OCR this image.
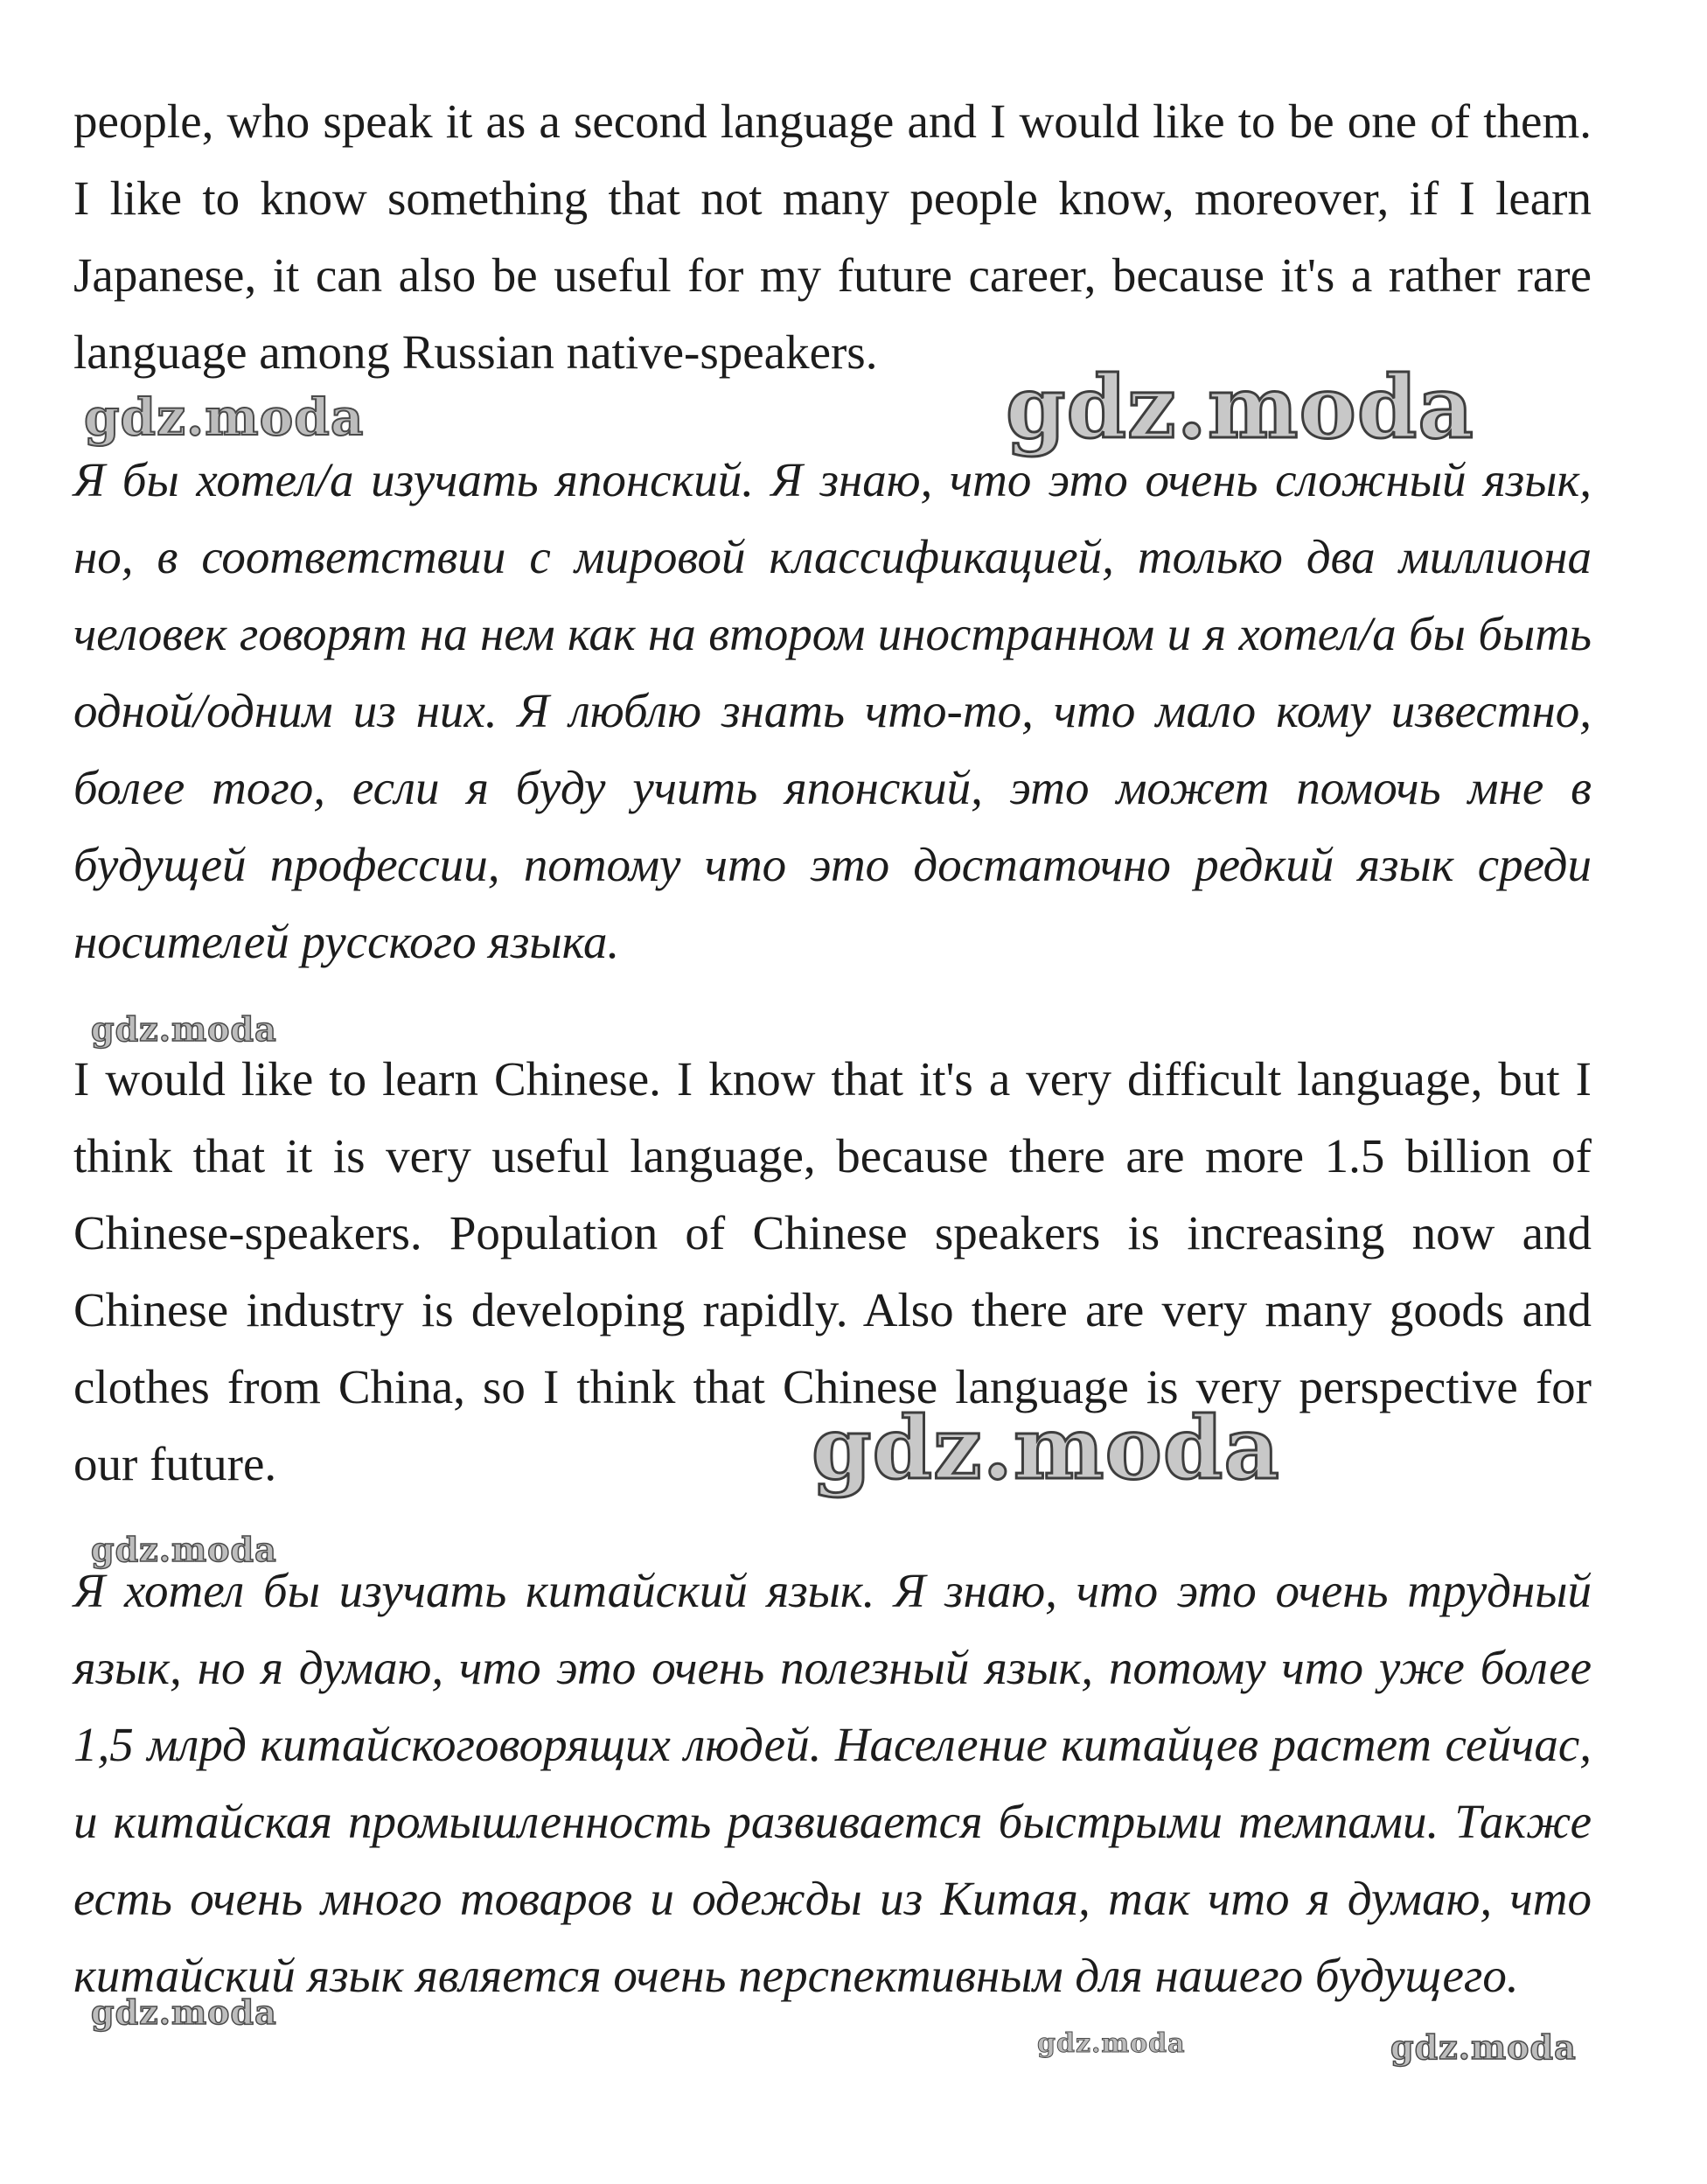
people, who speak it as a second language and I would like to be one of them. I like to know something that not many people know, moreover, if I learn Japanese, it can also be useful for my future career, because it's a rather rare language among Russian native-speakers.

Я бы хотел/а изучать японский. Я знаю, что это очень сложный язык, но, в соответствии с мировой классификацией, только два миллиона человек говорят на нем как на втором иностранном и я хотел/а бы быть одной/одним из них. Я люблю знать что-то, что мало кому известно, более того, если я буду учить японский, это может помочь мне в будущей профессии, потому что это достаточно редкий язык среди носителей русского языка.

I would like to learn Chinese. I know that it's a very difficult language, but I think that it is very useful language, because there are more 1.5 billion of Chinese-speakers. Population of Chinese speakers is increasing now and Chinese industry is developing rapidly. Also there are very many goods and clothes from China, so I think that Chinese language is very perspective for our future.

Я хотел бы изучать китайский язык. Я знаю, что это очень трудный язык, но я думаю, что это очень полезный язык, потому что уже более 1,5 млрд китайскоговорящих людей. Население китайцев растет сейчас, и китайская промышленность развивается быстрыми темпами. Также есть очень много товаров и одежды из Китая, так что я думаю, что китайский язык является очень перспективным для нашего будущего.

gdz.moda	gdz.moda
gdz.moda
gdz.moda
gdz.moda
gdz.moda
gdz.moda	gdz.moda
